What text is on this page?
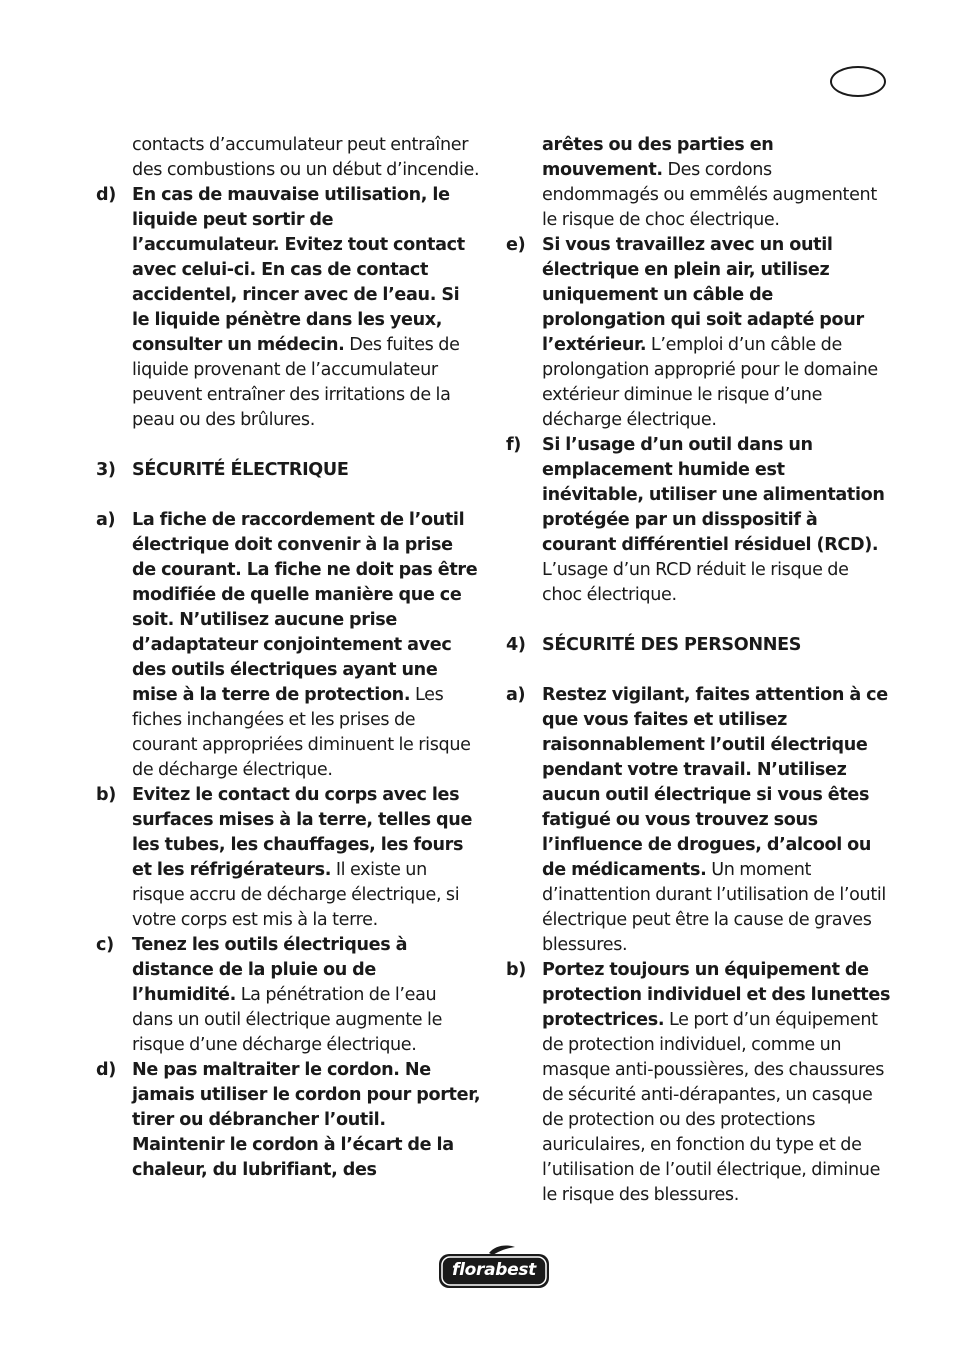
contacts d’accumulateur peut entraîner des combustions ou un début d’incendie.

d) En cas de mauvaise utilisation, le liquide peut sortir de l’accumulateur. Evitez tout contact avec celui-ci. En cas de contact accidentel, rincer avec de l’eau. Si le liquide pénètre dans les yeux, consulter un médecin. Des fuites de liquide provenant de l’accumulateur peuvent entraîner des irritations de la peau ou des brûlures.
3) SÉCURITÉ ÉLECTRIQUE
a) La fiche de raccordement de l’outil électrique doit convenir à la prise de courant. La fiche ne doit pas être modifiée de quelle manière que ce soit. N’utilisez aucune prise d’adaptateur conjointement avec des outils électriques ayant une mise à la terre de protection. Les fiches inchangées et les prises de courant appropriées diminuent le risque de décharge électrique.
b) Evitez le contact du corps avec les surfaces mises à la terre, telles que les tubes, les chauffages, les fours et les réfrigérateurs. Il existe un risque accru de décharge électrique, si votre corps est mis à la terre.
c)	Tenez les outils électriques à distance de la pluie ou de l’humidité. La pénétration de l’eau dans un outil électrique augmente le risque d’une décharge électrique.
d) Ne pas maltraiter le cordon. Ne jamais utiliser le cordon pour porter, tirer ou débrancher l’outil. Maintenir le cordon à l’écart de la chaleur, du lubrifiant, des

arêtes ou des parties en mouvement. Des cordons endommagés ou emmêlés augmentent le risque de choc électrique.

e) Si vous travaillez avec un outil électrique en plein air, utilisez uniquement un câble de prolongation qui soit adapté pour l’extérieur. L’emploi d’un câble de prolongation approprié pour le domaine extérieur diminue le risque d’une décharge électrique.
f)	Si l’usage d’un outil dans un emplacement humide est inévitable, utiliser une alimentation protégée par un disspositif à courant différentiel résiduel (RCD). L’usage d’un RCD réduit le risque de choc électrique.
4) SÉCURITÉ DES PERSONNES
a) Restez vigilant, faites attention à ce que vous faites et utilisez raisonnablement l’outil électrique pendant votre travail. N’utilisez aucun outil électrique si vous êtes fatigué ou vous trouvez sous l’influence de drogues, d’alcool ou de médicaments. Un moment d’inattention durant l’utilisation de l’outil électrique peut être la cause de graves blessures.
b) Portez toujours un équipement de protection individuel et des lunettes protectrices. Le port d’un équipement de protection individuel, comme un masque anti-poussières, des chaussures de sécurité anti-dérapantes, un casque de protection ou des protections auriculaires, en fonction du type et de l’utilisation de l’outil électrique, diminue le risque des blessures.
florabest
